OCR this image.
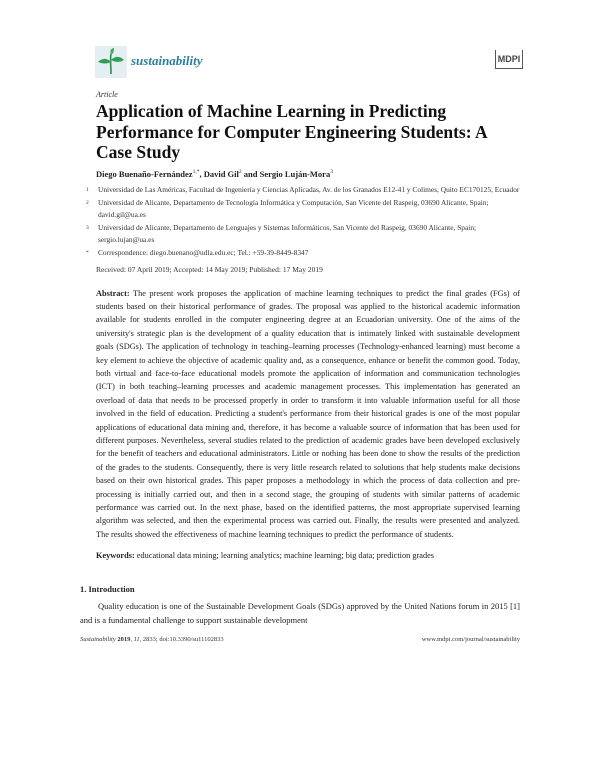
sustainability	MDPI
Article
Application of Machine Learning in Predicting Performance for Computer Engineering Students: A Case Study
Diego Buenaño-Fernández$^{1,*}$, David Gil$^2$ and Sergio Luján-Mora$^3$
1 Universidad de Las Américas, Facultad de Ingeniería y Ciencias Aplicadas, Av. de los Granados E12-41 y Colimes, Quito EC170125, Ecuador
2 Universidad de Alicante, Departamento de Tecnología Informática y Computación, San Vicente del Raspeig, 03690 Alicante, Spain; david.gil@ua.es
3 Universidad de Alicante, Departamento de Lenguajes y Sistemas Informáticos, San Vicente del Raspeig, 03690 Alicante, Spain; sergio.lujan@ua.es
* Correspondence: diego.buenano@udla.edu.ec; Tel.: +59-39-8449-8347
Received: 07 April 2019; Accepted: 14 May 2019; Published: 17 May 2019
Abstract: The present work proposes the application of machine learning techniques to predict the final grades (FGs) of students based on their historical performance of grades. The proposal was applied to the historical academic information available for students enrolled in the computer engineering degree at an Ecuadorian university. One of the aims of the university's strategic plan is the development of a quality education that is intimately linked with sustainable development goals (SDGs). The application of technology in teaching–learning processes (Technology-enhanced learning) must become a key element to achieve the objective of academic quality and, as a consequence, enhance or benefit the common good. Today, both virtual and face-to-face educational models promote the application of information and communication technologies (ICT) in both teaching–learning processes and academic management processes. This implementation has generated an overload of data that needs to be processed properly in order to transform it into valuable information useful for all those involved in the field of education. Predicting a student's performance from their historical grades is one of the most popular applications of educational data mining and, therefore, it has become a valuable source of information that has been used for different purposes. Nevertheless, several studies related to the prediction of academic grades have been developed exclusively for the benefit of teachers and educational administrators. Little or nothing has been done to show the results of the prediction of the grades to the students. Consequently, there is very little research related to solutions that help students make decisions based on their own historical grades. This paper proposes a methodology in which the process of data collection and pre-processing is initially carried out, and then in a second stage, the grouping of students with similar patterns of academic performance was carried out. In the next phase, based on the identified patterns, the most appropriate supervised learning algorithm was selected, and then the experimental process was carried out. Finally, the results were presented and analyzed. The results showed the effectiveness of machine learning techniques to predict the performance of students.
Keywords: educational data mining; learning analytics; machine learning; big data; prediction grades
1. Introduction
Quality education is one of the Sustainable Development Goals (SDGs) approved by the United Nations forum in 2015 [1] and is a fundamental challenge to support sustainable development
Sustainability 2019, 11, 2833; doi:10.3390/su11102833	www.mdpi.com/journal/sustainability
